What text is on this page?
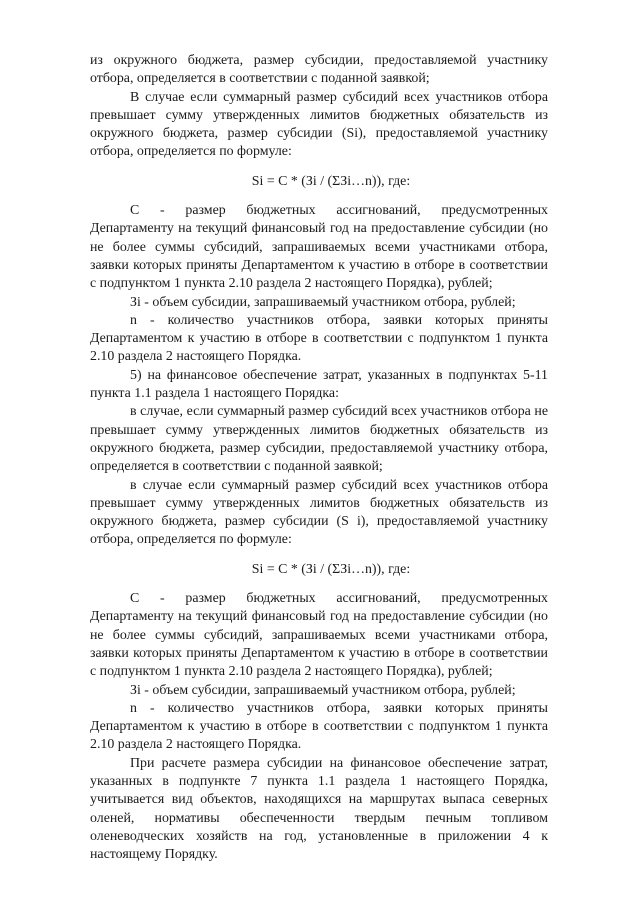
из окружного бюджета, размер субсидии, предоставляемой участнику отбора, определяется в соответствии с поданной заявкой;

В случае если суммарный размер субсидий всех участников отбора превышает сумму утвержденных лимитов бюджетных обязательств из окружного бюджета, размер субсидии (Si), предоставляемой участнику отбора, определяется по формуле:

Si = C * (Зi / (ΣЗi…n)), где:

С - размер бюджетных ассигнований, предусмотренных Департаменту на текущий финансовый год на предоставление субсидии (но не более суммы субсидий, запрашиваемых всеми участниками отбора, заявки которых приняты Департаментом к участию в отборе в соответствии с подпунктом 1 пункта 2.10 раздела 2 настоящего Порядка), рублей;

Зi - объем субсидии, запрашиваемый участником отбора, рублей;

n - количество участников отбора, заявки которых приняты Департаментом к участию в отборе в соответствии с подпунктом 1 пункта 2.10 раздела 2 настоящего Порядка.

5) на финансовое обеспечение затрат, указанных в подпунктах 5-11 пункта 1.1 раздела 1 настоящего Порядка:

в случае, если суммарный размер субсидий всех участников отбора не превышает сумму утвержденных лимитов бюджетных обязательств из окружного бюджета, размер субсидии, предоставляемой участнику отбора, определяется в соответствии с поданной заявкой;

в случае если суммарный размер субсидий всех участников отбора превышает сумму утвержденных лимитов бюджетных обязательств из окружного бюджета, размер субсидии (S i), предоставляемой участнику отбора, определяется по формуле:

Si = C * (Зi / (ΣЗi…n)), где:

С - размер бюджетных ассигнований, предусмотренных Департаменту на текущий финансовый год на предоставление субсидии (но не более суммы субсидий, запрашиваемых всеми участниками отбора, заявки которых приняты Департаментом к участию в отборе в соответствии с подпунктом 1 пункта 2.10 раздела 2 настоящего Порядка), рублей;

Зi - объем субсидии, запрашиваемый участником отбора, рублей;

n - количество участников отбора, заявки которых приняты Департаментом к участию в отборе в соответствии с подпунктом 1 пункта 2.10 раздела 2 настоящего Порядка.

При расчете размера субсидии на финансовое обеспечение затрат, указанных в подпункте 7 пункта 1.1 раздела 1 настоящего Порядка, учитывается вид объектов, находящихся на маршрутах выпаса северных оленей, нормативы обеспеченности твердым печным топливом оленеводческих хозяйств на год, установленные в приложении 4 к настоящему Порядку.
